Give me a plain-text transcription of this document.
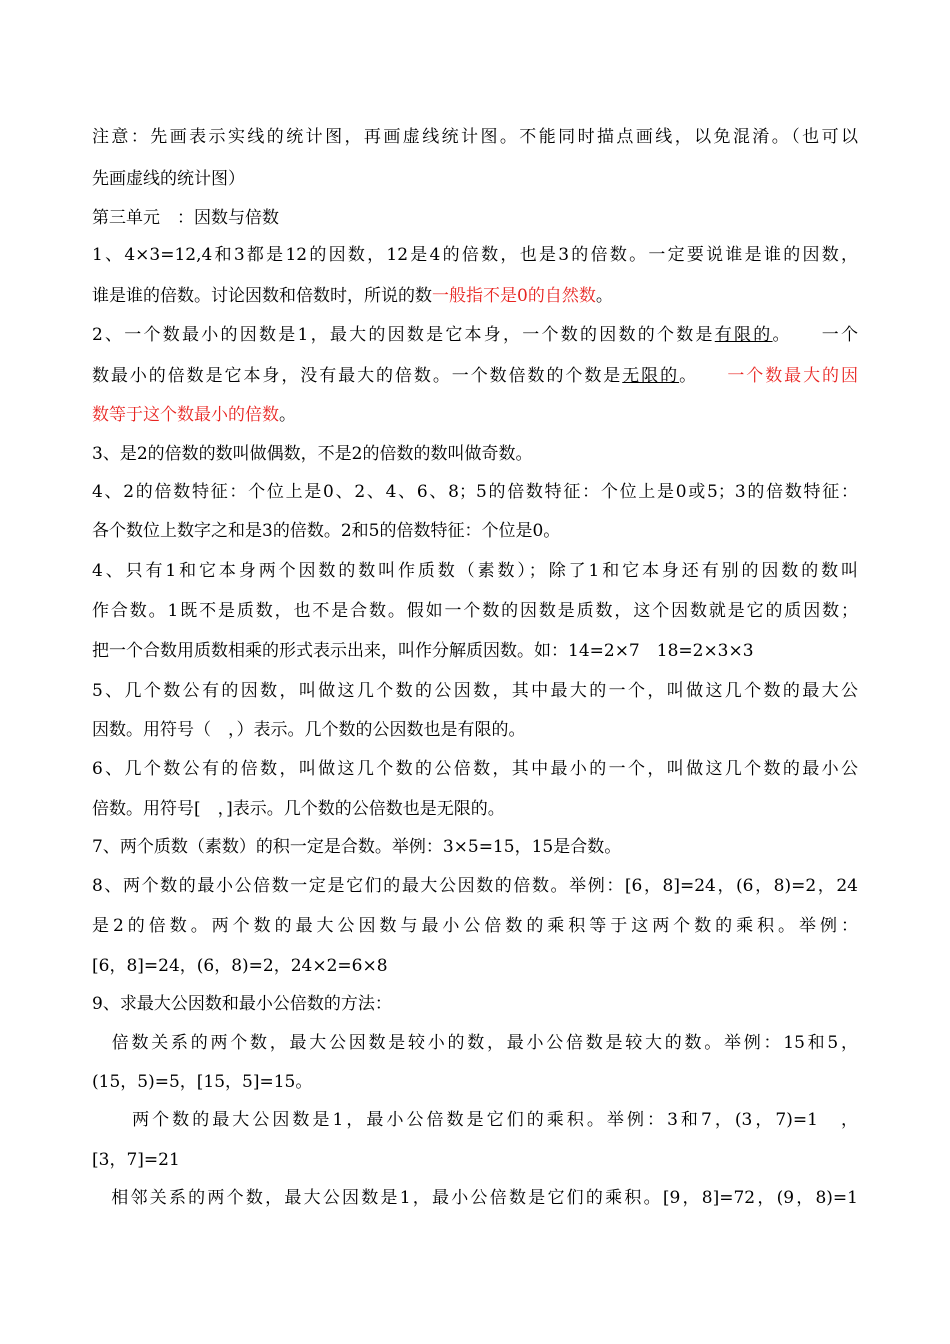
注意：先画表示实线的统计图，再画虚线统计图。不能同时描点画线，以免混淆。（也可以
先画虚线的统计图）
第三单元　：因数与倍数
1、4×3=12,4和3都是12的因数，12是4的倍数，也是3的倍数。一定要说谁是谁的因数，
谁是谁的倍数。讨论因数和倍数时，所说的数一般指不是0的自然数。
2、一个数最小的因数是1，最大的因数是它本身，一个数的因数的个数是有限的。　　一个
数最小的倍数是它本身，没有最大的倍数。一个数倍数的个数是无限的。　　一个数最大的因
数等于这个数最小的倍数。
3、是2的倍数的数叫做偶数，不是2的倍数的数叫做奇数。
4、2的倍数特征：个位上是0、2、4、6、8；5的倍数特征：个位上是0或5；3的倍数特征：
各个数位上数字之和是3的倍数。2和5的倍数特征：个位是0。
4、只有1和它本身两个因数的数叫作质数（素数）；除了1和它本身还有别的因数的数叫
作合数。1既不是质数，也不是合数。假如一个数的因数是质数，这个因数就是它的质因数；
把一个合数用质数相乘的形式表示出来，叫作分解质因数。如：14=2×7　18=2×3×3
5、几个数公有的因数，叫做这几个数的公因数，其中最大的一个，叫做这几个数的最大公
因数。用符号（　，）表示。几个数的公因数也是有限的。
6、几个数公有的倍数，叫做这几个数的公倍数，其中最小的一个，叫做这几个数的最小公
倍数。用符号[　，]表示。几个数的公倍数也是无限的。
7、两个质数（素数）的积一定是合数。举例：3×5=15，15是合数。
8、两个数的最小公倍数一定是它们的最大公因数的倍数。举例：[6，8]=24，(6，8)=2，24
是2的倍数。两个数的最大公因数与最小公倍数的乘积等于这两个数的乘积。举例：
[6，8]=24，(6，8)=2，24×2=6×8
9、求最大公因数和最小公倍数的方法：
　倍数关系的两个数，最大公因数是较小的数，最小公倍数是较大的数。举例：15和5，
(15，5)=5，[15，5]=15。
　　两个数的最大公因数是1，最小公倍数是它们的乘积。举例：3和7，(3，7)=1　，
[3，7]=21
　相邻关系的两个数，最大公因数是1，最小公倍数是它们的乘积。[9，8]=72，(9，8)=1
